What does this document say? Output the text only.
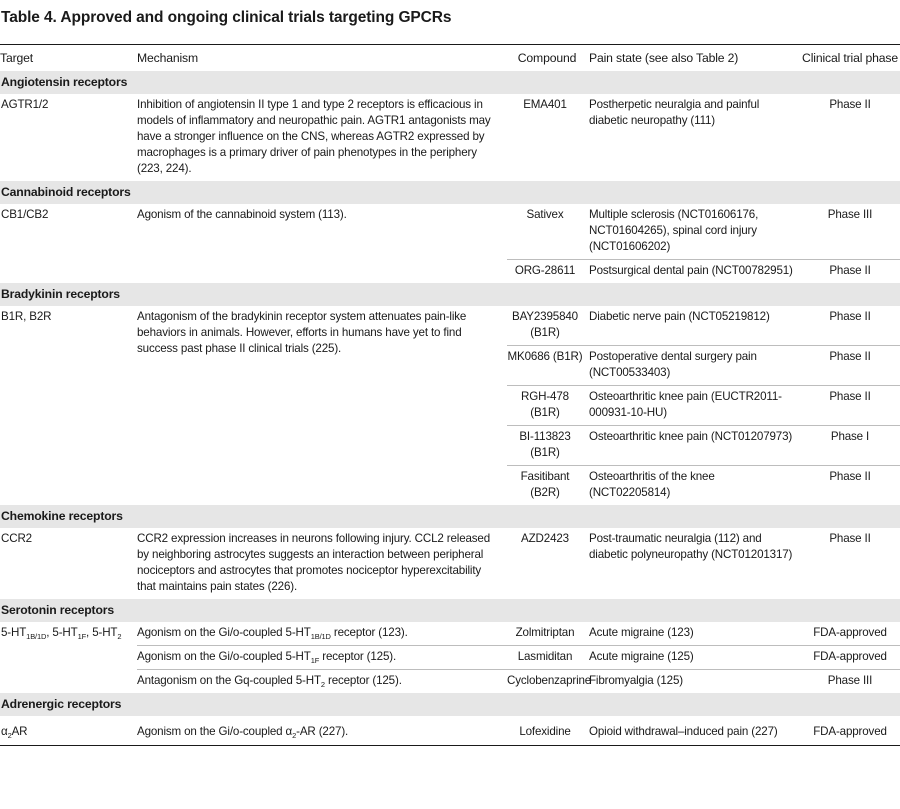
Table 4. Approved and ongoing clinical trials targeting GPCRs
Target	Mechanism	Compound	Pain state (see also Table 2)	Clinical trial phase
Angiotensin receptors				
AGTR1/2	Inhibition of angiotensin II type 1 and type 2 receptors is efficacious in models of inflammatory and neuropathic pain. AGTR1 antagonists may have a stronger influence on the CNS, whereas AGTR2 expressed by macrophages is a primary driver of pain phenotypes in the periphery (223, 224).	EMA401	Postherpetic neuralgia and painful diabetic neuropathy (111)	Phase II
Cannabinoid receptors				
CB1/CB2	Agonism of the cannabinoid system (113).	Sativex	Multiple sclerosis (NCT01606176, NCT01604265), spinal cord injury (NCT01606202)	Phase III
		ORG-28611	Postsurgical dental pain (NCT00782951)	Phase II
Bradykinin receptors				
B1R, B2R	Antagonism of the bradykinin receptor system attenuates pain-like behaviors in animals. However, efforts in humans have yet to find success past phase II clinical trials (225).	BAY2395840 (B1R)	Diabetic nerve pain (NCT05219812)	Phase II
		MK0686 (B1R)	Postoperative dental surgery pain (NCT00533403)	Phase II
		RGH-478 (B1R)	Osteoarthritic knee pain (EUCTR2011-000931-10-HU)	Phase II
		BI-113823 (B1R)	Osteoarthritic knee pain (NCT01207973)	Phase I
		Fasitibant (B2R)	Osteoarthritis of the knee (NCT02205814)	Phase II
Chemokine receptors				
CCR2	CCR2 expression increases in neurons following injury. CCL2 released by neighboring astrocytes suggests an interaction between peripheral nociceptors and astrocytes that promotes nociceptor hyperexcitability that maintains pain states (226).	AZD2423	Post-traumatic neuralgia (112) and diabetic polyneuropathy (NCT01201317)	Phase II
Serotonin receptors				
$5-HT_{1B/1D}$, $5-HT_{1F}$, $5-HT_2$	Agonism on the Gi/o-coupled $5-HT_{1B/1D}$ receptor (123).	Zolmitriptan	Acute migraine (123)	FDA-approved
	Agonism on the Gi/o-coupled $5-HT_{1F}$ receptor (125).	Lasmiditan	Acute migraine (125)	FDA-approved
	Antagonism on the Gq-coupled $5-HT_2$ receptor (125).	Cyclobenzaprine	Fibromyalgia (125)	Phase III
Adrenergic receptors				
$\alpha_2AR$	Agonism on the Gi/o-coupled $\alpha_2-AR$ (227).	Lofexidine	Opioid withdrawal–induced pain (227)	FDA-approved
